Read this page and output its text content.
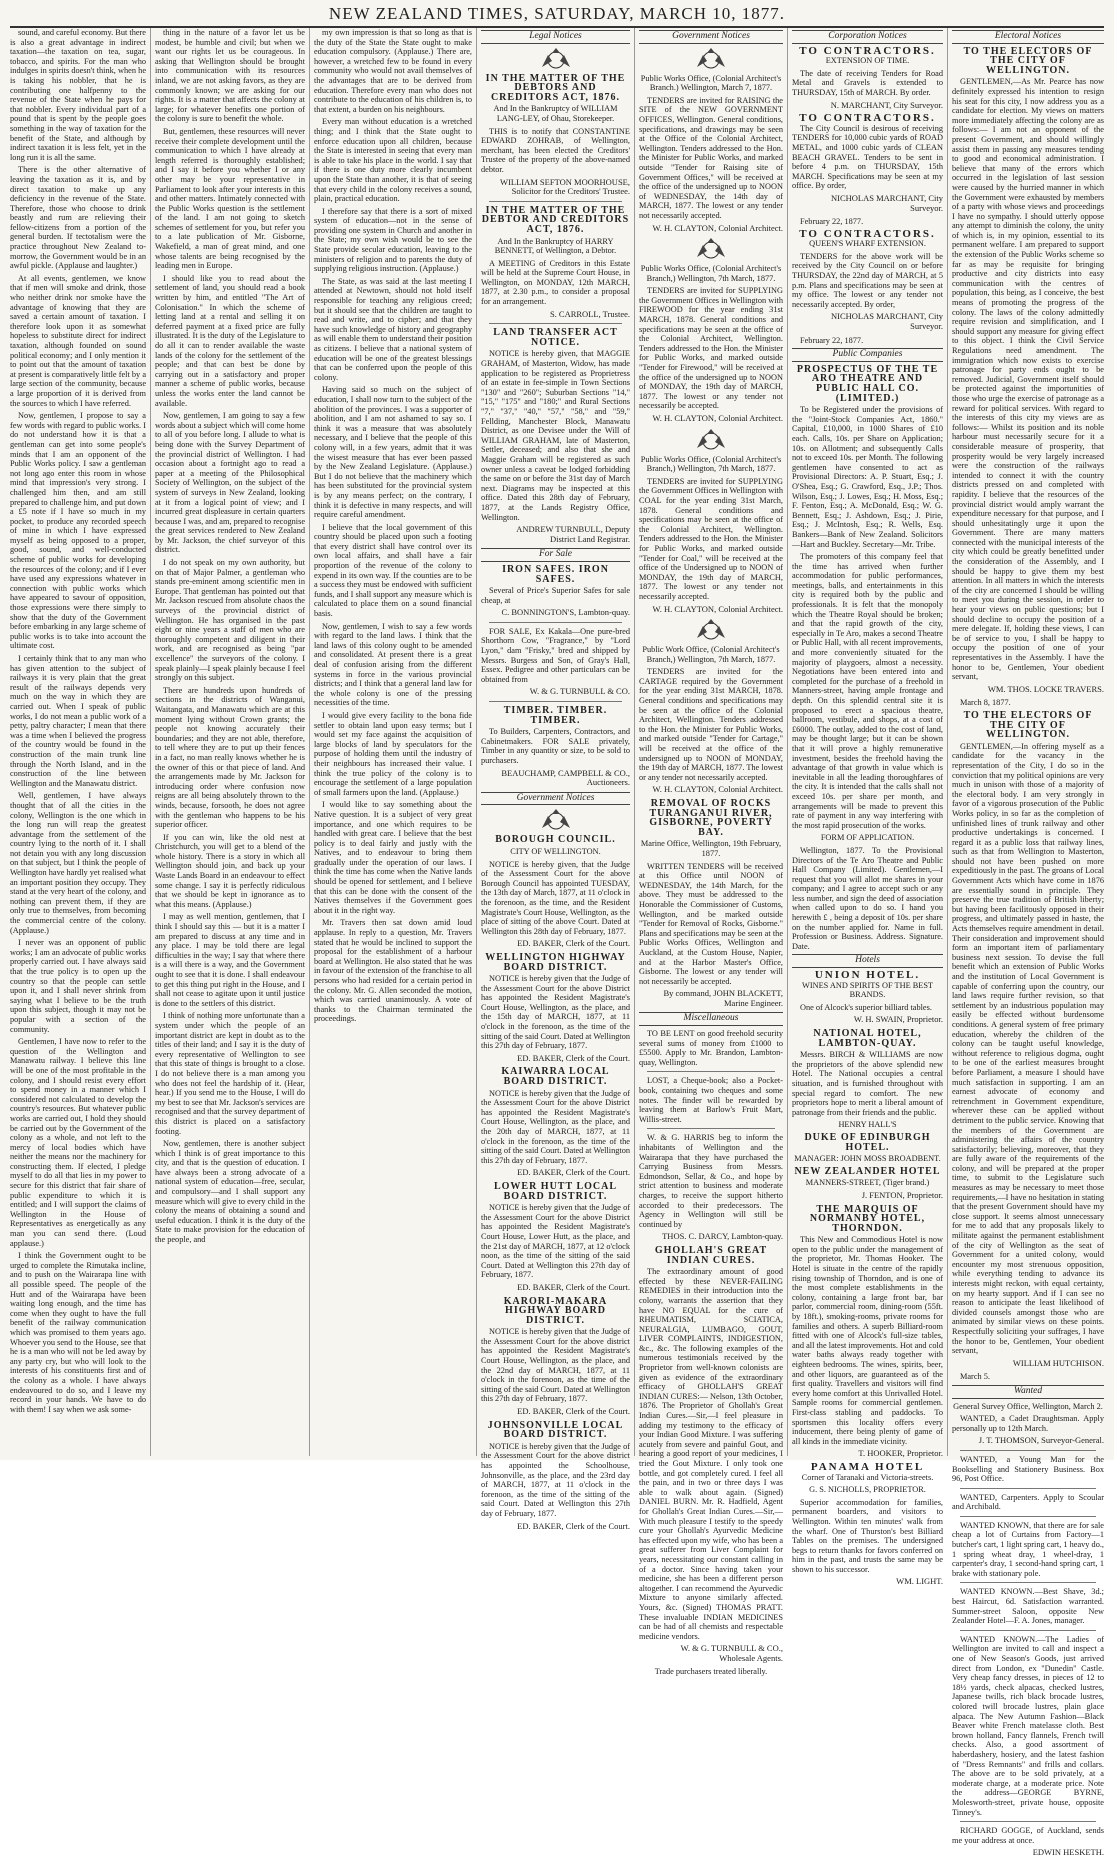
NEW ZEALAND TIMES, SATURDAY, MARCH 10, 1877.

sound, and careful economy. But there is also a great advantage in indirect taxation—the taxation on tea, sugar, tobacco, and spirits. For the man who indulges in spirits doesn't think, when he is taking his nobbler, that he is contributing one halfpenny to the revenue of the State when he pays for that nobbler. Every individual part of a pound that is spent by the people goes something in the way of taxation for the benefit of the State, and although by indirect taxation it is less felt, yet in the long run it is all the same.

There is the other alternative of leaving the taxation as it is, and by direct taxation to make up any deficiency in the revenue of the State. Therefore, those who choose to drink beastly and rum are relieving their fellow-citizens from a portion of the general burden. If tectotalism were the practice throughout New Zealand to-morrow, the Government would be in an awful pickle. (Applause and laughter.)

At all events, gentlemen, we know that if men will smoke and drink, those who neither drink nor smoke have the advantage of knowing that they are saved a certain amount of taxation. I therefore look upon it as somewhat hopeless to substitute direct for indirect taxation, although founded on sound political economy; and I only mention it to point out that the amount of taxation at present is comparatively little felt by a large section of the community, because a large proportion of it is derived from the sources to which I have referred.

Now, gentlemen, I propose to say a few words with regard to public works. I do not understand how it is that a gentleman can get into some people's minds that I am an opponent of the Public Works policy. I saw a gentleman not long ago enter this room in whose mind that impression's very strong. I challenged him then, and am still prepared to challenge him, and put down a £5 note if I have so much in my pocket, to produce any recorded speech of mine in which I have expressed myself as being opposed to a proper, good, sound, and well-conducted scheme of public works for developing the resources of the colony; and if I ever have used any expressions whatever in connection with public works which have appeared to savour of opposition, those expressions were there simply to show that the duty of the Government before embarking in any large scheme of public works is to take into account the ultimate cost.

I certainly think that to any man who has given attention to the subject of railways it is very plain that the great result of the railways depends very much on the way in which they are carried out. When I speak of public works, I do not mean a public work of a petty, paltry character; I mean that there was a time when I believed the progress of the country would be found in the construction of the main trunk line through the North Island, and in the construction of the line between Wellington and the Manawatu district.

Well, gentlemen, I have always thought that of all the cities in the colony, Wellington is the one which in the long run will reap the greatest advantage from the settlement of the country lying to the north of it. I shall not detain you with any long discussion on that subject, but I think the people of Wellington have hardly yet realised what an important position they occupy. They stand at the very heart of the colony, and nothing can prevent them, if they are only true to themselves, from becoming the commercial centre of the colony. (Applause.)

I never was an opponent of public works; I am an advocate of public works properly carried out. I have always said that the true policy is to open up the country so that the people can settle upon it, and I shall never shrink from saying what I believe to be the truth upon this subject, though it may not be popular with a section of the community.

Gentlemen, I have now to refer to the question of the Wellington and Manawatu railway. I believe this line will be one of the most profitable in the colony, and I should resist every effort to spend money in a manner which I considered not calculated to develop the country's resources. But whatever public works are carried out, I hold they should be carried out by the Government of the colony as a whole, and not left to the mercy of local bodies which have neither the means nor the machinery for constructing them. If elected, I pledge myself to do all that lies in my power to secure for this district that fair share of public expenditure to which it is entitled; and I will support the claims of Wellington in the House of Representatives as energetically as any man you can send there. (Loud applause.)

I think the Government ought to be urged to complete the Rimutaka incline, and to push on the Wairarapa line with all possible speed. The people of the Hutt and of the Wairarapa have been waiting long enough, and the time has come when they ought to have the full benefit of the railway communication which was promised to them years ago. Whoever you send to the House, see that he is a man who will not be led away by any party cry, but who will look to the interests of his constituents first and of the colony as a whole. I have always endeavoured to do so, and I leave my record in your hands. We have to do with them! I say when we ask some-

thing in the nature of a favor let us be modest, be humble and civil; but when we want our rights let us be courageous. In asking that Wellington should be brought into communication with its resources inland, we are not asking favors, as they are commonly known; we are asking for our rights. It is a matter that affects the colony at large; for whatever benefits one portion of the colony is sure to benefit the whole.

But, gentlemen, these resources will never receive their complete development until the communication to which I have already at length referred is thoroughly established; and I say it before you whether I or any other may be your representative in Parliament to look after your interests in this and other matters. Intimately connected with the Public Works question is the settlement of the land. I am not going to sketch schemes of settlement for you, but refer you to a late publication of Mr. Gisborne, Wakefield, a man of great mind, and one whose talents are being recognised by the leading men in Europe.

I should like you to read about the settlement of land, you should read a book written by him, and entitled "The Art of Colonisation." In which the scheme of letting land at a rental and selling it on deferred payment at a fixed price are fully illustrated. It is the duty of the Legislature to do all it can to render available the waste lands of the colony for the settlement of the people; and that can best be done by carrying out in a satisfactory and proper manner a scheme of public works, because unless the works enter the land cannot be available.

Now, gentlemen, I am going to say a few words about a subject which will come home to all of you before long. I allude to what is being done with the Survey Department of the provincial district of Wellington. I had occasion about a fortnight ago to read a paper at a meeting of the Philosophical Society of Wellington, on the subject of the system of surveys in New Zealand, looking at it from a logical point of view; and I incurred great displeasure in certain quarters because I was, and am, prepared to recognise the great services rendered to New Zealand by Mr. Jackson, the chief surveyor of this district.

I do not speak on my own authority, but on that of Major Palmer, a gentleman who stands pre-eminent among scientific men in Europe. That gentleman has pointed out that Mr. Jackson rescued from absolute chaos the surveys of the provincial district of Wellington. He has organised in the past eight or nine years a staff of men who are thoroughly competent and diligent in their work, and are recognised as being "par excellence" the surveyors of the colony. I speak plainly—I speak plainly because I feel strongly on this subject.

There are hundreds upon hundreds of sections in the districts of Wanganui, Waitangata, and Manawatu which are at this moment lying without Crown grants; the people not knowing accurately their boundaries; and they are not able, therefore, to tell where they are to put up their fences in a fact, no man really knows whether he is the owner of this or that piece of land. And the arrangements made by Mr. Jackson for introducing order where confusion now reigns are all being absolutely thrown to the winds, because, forsooth, he does not agree with the gentleman who happens to be his superior officer.

If you can win, like the old nest at Christchurch, you will get to a blend of the whole history. There is a story in which all Wellington should join, and back up your Waste Lands Board in an endeavour to effect some change. I say it is perfectly ridiculous that we should be kept in ignorance as to what this means. (Applause.)

I may as well mention, gentlemen, that I think I should say this — but it is a matter I am prepared to discuss at any time and in any place. I may be told there are legal difficulties in the way; I say that where there is a will there is a way, and the Government ought to see that it is done. I shall endeavour to get this thing put right in the House, and I shall not cease to agitate upon it until justice is done to the settlers of this district.

I think of nothing more unfortunate than a system under which the people of an important district are kept in doubt as to the titles of their land; and I say it is the duty of every representative of Wellington to see that this state of things is brought to a close. I do not believe there is a man among you who does not feel the hardship of it. (Hear, hear.) If you send me to the House, I will do my best to see that Mr. Jackson's services are recognised and that the survey department of this district is placed on a satisfactory footing.

Now, gentlemen, there is another subject which I think is of great importance to this city, and that is the question of education. I have always been a strong advocate of a national system of education—free, secular, and compulsory—and I shall support any measure which will give to every child in the colony the means of obtaining a sound and useful education. I think it is the duty of the State to make provision for the education of the people, and

my own impression is that so long as that is the duty of the State the State ought to make education compulsory. (Applause.) There are, however, a wretched few to be found in every community who would not avail themselves of the advantages that are to be derived from education. Therefore every man who does not contribute to the education of his children is, to that extent, a burden on his neighbours.

Every man without education is a wretched thing; and I think that the State ought to enforce education upon all children, because the State is interested in seeing that every man is able to take his place in the world. I say that if there is one duty more clearly incumbent upon the State than another, it is that of seeing that every child in the colony receives a sound, plain, practical education.

I therefore say that there is a sort of mixed system of education—not in the sense of providing one system in Church and another in the State; my own wish would be to see the State provide secular education, leaving to the ministers of religion and to parents the duty of supplying religious instruction. (Applause.)

The State, as was said at the last meeting I attended at Newtown, should not hold itself responsible for teaching any religious creed; but it should see that the children are taught to read and write, and to cipher; and that they have such knowledge of history and geography as will enable them to understand their position as citizens. I believe that a national system of education will be one of the greatest blessings that can be conferred upon the people of this colony.

Having said so much on the subject of education, I shall now turn to the subject of the abolition of the provinces. I was a supporter of abolition, and I am not ashamed to say so. I think it was a measure that was absolutely necessary, and I believe that the people of this colony will, in a few years, admit that it was the wisest measure that has ever been passed by the New Zealand Legislature. (Applause.) But I do not believe that the machinery which has been substituted for the provincial system is by any means perfect; on the contrary, I think it is defective in many respects, and will require careful amendment.

I believe that the local government of this country should be placed upon such a footing that every district shall have control over its own local affairs, and shall have a fair proportion of the revenue of the colony to expend in its own way. If the counties are to be a success they must be endowed with sufficient funds, and I shall support any measure which is calculated to place them on a sound financial basis.

Now, gentlemen, I wish to say a few words with regard to the land laws. I think that the land laws of this colony ought to be amended and consolidated. At present there is a great deal of confusion arising from the different systems in force in the various provincial districts; and I think that a general land law for the whole colony is one of the pressing necessities of the time.

I would give every facility to the bona fide settler to obtain land upon easy terms; but I would set my face against the acquisition of large blocks of land by speculators for the purpose of holding them until the industry of their neighbours has increased their value. I think the true policy of the colony is to encourage the settlement of a large population of small farmers upon the land. (Applause.)

I would like to say something about the Native question. It is a subject of very great importance, and one which requires to be handled with great care. I believe that the best policy is to deal fairly and justly with the Natives, and to endeavour to bring them gradually under the operation of our laws. I think the time has come when the Native lands should be opened for settlement, and I believe that this can be done with the consent of the Natives themselves if the Government goes about it in the right way.

Mr. Travers then sat down amid loud applause. In reply to a question, Mr. Travers stated that he would be inclined to support the proposal for the establishment of a harbour board at Wellington. He also stated that he was in favour of the extension of the franchise to all persons who had resided for a certain period in the colony. Mr. G. Allen seconded the motion, which was carried unanimously. A vote of thanks to the Chairman terminated the proceedings.

Legal Notices
IN THE MATTER OF THE DEBTORS AND CREDITORS ACT, 1876.

And In the Bankruptcy of WILLIAM LANG-LEY, of Ohau, Storekeeper.

THIS is to notify that CONSTANTINE EDWARD ZOHRAB, of Wellington, merchant, has been elected the Creditors' Trustee of the property of the above-named debtor.

WILLIAM SEFTON MOORHOUSE, Solicitor for the Creditors' Trustee.

IN THE MATTER OF THE DEBTOR AND CREDITORS ACT, 1876.

And In the Bankruptcy of HARRY BENNETT, of Wellington, a Debtor.

A MEETING of Creditors in this Estate will be held at the Supreme Court House, in Wellington, on MONDAY, 12th MARCH, 1877, at 2.30 p.m., to consider a proposal for an arrangement.

S. CARROLL, Trustee.

LAND TRANSFER ACT NOTICE.

NOTICE is hereby given, that MAGGIE GRAHAM, of Masterton, Widow, has made application to be registered as Proprietress of an estate in fee-simple in Town Sections "130" and "260"; Suburban Sections "14," "15," "175" and "180;" and Rural Sections "7," "37," "40," "57," "58," and "59," Fellding, Manchester Block, Manawatu District, as one Devisee under the Will of WILLIAM GRAHAM, late of Masterton, Settler, deceased; and also that she and Maggie Graham will be registered as such owner unless a caveat be lodged forbidding the same on or before the 31st day of March next. Diagrams may be inspected at this office. Dated this 28th day of February, 1877, at the Lands Registry Office, Wellington.

ANDREW TURNBULL, Deputy District Land Registrar.

For Sale
IRON SAFES. IRON SAFES.

Several of Price's Superior Safes for sale cheap, at

C. BONNINGTON'S, Lambton-quay.

FOR SALE, Ex Kakala—One pure-bred Shorthorn Cow, "Fragrance," by "Lord Lyon," dam "Frisky," bred and shipped by Messrs. Burgess and Son, of Gray's Hall, Essex. Pedigree and other particulars can be obtained from

W. & G. TURNBULL & CO.

TIMBER. TIMBER. TIMBER.

To Builders, Carpenters, Contractors, and Cabinetmakers. FOR SALE privately, Timber in any quantity or size, to be sold to purchasers.

BEAUCHAMP, CAMPBELL & CO., Auctioneers.

Government Notices
BOROUGH COUNCIL.

CITY OF WELLINGTON.

NOTICE is hereby given, that the Judge of the Assessment Court for the above Borough Council has appointed TUESDAY, the 13th day of March, 1877, at 11 o'clock in the forenoon, as the time, and the Resident Magistrate's Court House, Wellington, as the place of sitting of the above Court. Dated at Wellington this 28th day of February, 1877.

ED. BAKER, Clerk of the Court.

WELLINGTON HIGHWAY BOARD DISTRICT.

NOTICE is hereby given that the Judge of the Assessment Court for the above District has appointed the Resident Magistrate's Court House, Wellington, as the place, and the 15th day of MARCH, 1877, at 11 o'clock in the forenoon, as the time of the sitting of the said Court. Dated at Wellington this 27th day of February, 1877.

ED. BAKER, Clerk of the Court.

KAIWARRA LOCAL BOARD DISTRICT.

NOTICE is hereby given that the Judge of the Assessment Court for the above District has appointed the Resident Magistrate's Court House, Wellington, as the place, and the 20th day of MARCH, 1877, at 11 o'clock in the forenoon, as the time of the sitting of the said Court. Dated at Wellington this 27th day of February, 1877.

ED. BAKER, Clerk of the Court.

LOWER HUTT LOCAL BOARD DISTRICT.

NOTICE is hereby given that the Judge of the Assessment Court for the above District has appointed the Resident Magistrate's Court House, Lower Hutt, as the place, and the 21st day of MARCH, 1877, at 12 o'clock noon, as the time of the sitting of the said Court. Dated at Wellington this 27th day of February, 1877.

ED. BAKER, Clerk of the Court.

KARORI-MAKARA HIGHWAY BOARD DISTRICT.

NOTICE is hereby given that the Judge of the Assessment Court for the above district has appointed the Resident Magistrate's Court House, Wellington, as the place, and the 22nd day of MARCH, 1877, at 11 o'clock in the forenoon, as the time of the sitting of the said Court. Dated at Wellington this 27th day of February, 1877.

ED. BAKER, Clerk of the Court.

JOHNSONVILLE LOCAL BOARD DISTRICT.

NOTICE is hereby given that the Judge of the Assessment Court for the above district has appointed the Schoolhouse, Johnsonville, as the place, and the 23rd day of MARCH, 1877, at 11 o'clock in the forenoon, as the time of the sitting of the said Court. Dated at Wellington this 27th day of February, 1877.

ED. BAKER, Clerk of the Court.

Government Notices

Public Works Office, (Colonial Architect's Branch.) Wellington, March 7, 1877.

TENDERS are invited for RAISING the SITE of the NEW GOVERNMENT OFFICES, Wellington. General conditions, specifications, and drawings may be seen at the Office of the Colonial Architect, Wellington. Tenders addressed to the Hon. the Minister for Public Works, and marked outside "Tender for Raising site of Government Offices," will be received at the office of the undersigned up to NOON of WEDNESDAY, the 14th day of MARCH, 1877. The lowest or any tender not necessarily accepted.

W. H. CLAYTON, Colonial Architect.

Public Works Office, (Colonial Architect's Branch,) Wellington, 7th March, 1877.

TENDERS are invited for SUPPLYING the Government Offices in Wellington with FIREWOOD for the year ending 31st MARCH, 1878. General conditions and specifications may be seen at the office of the Colonial Architect, Wellington. Tenders addressed to the Hon. the Minister for Public Works, and marked outside "Tender for Firewood," will be received at the office of the undersigned up to NOON of MONDAY, the 19th day of MARCH, 1877. The lowest or any tender not necessarily be accepted.

W. H. CLAYTON, Colonial Architect.

Public Works Office, (Colonial Architect's Branch,) Wellington, 7th March, 1877.

TENDERS are invited for SUPPLYING the Government Offices in Wellington with COAL for the year ending 31st March, 1878. General conditions and specifications may be seen at the office of the Colonial Architect, Wellington. Tenders addressed to the Hon. the Minister for Public Works, and marked outside "Tender for Coal," will be received at the office of the Undersigned up to NOON of MONDAY, the 19th day of MARCH, 1877. The lowest or any tender not necessarily accepted.

W. H. CLAYTON, Colonial Architect.

Public Work Office, (Colonial Architect's Branch,) Wellington, 7th March, 1877.

TENDERS are invited for the CARTAGE required by the Government for the year ending 31st MARCH, 1878. General conditions and specifications may be seen at the office of the Colonial Architect, Wellington. Tenders addressed to the Hon. the Minister for Public Works, and marked outside "Tender for Cartage," will be received at the office of the undersigned up to NOON of MONDAY, the 19th day of MARCH, 1877. The lowest or any tender not necessarily accepted.

W. H. CLAYTON, Colonial Architect.

REMOVAL OF ROCKS TURANGANUI RIVER, GISBORNE, POVERTY BAY.

Marine Office, Wellington, 19th February, 1877.

WRITTEN TENDERS will be received at this Office until NOON of WEDNESDAY, the 14th March, for the above. They must be addressed to the Honorable the Commissioner of Customs, Wellington, and be marked outside "Tender for Removal of Rocks, Gisborne." Plans and specifications may be seen at the Public Works Offices, Wellington and Auckland, at the Custom House, Napier, and at the Harbor Master's Office, Gisborne. The lowest or any tender will not necessarily be accepted.

By command, JOHN BLACKETT, Marine Engineer.

Miscellaneous

TO BE LENT on good freehold security several sums of money from £1000 to £5500. Apply to Mr. Brandon, Lambton-quay, Wellington.

LOST, a Cheque-book; also a Pocket-book, containing two cheques and some notes. The finder will be rewarded by leaving them at Barlow's Fruit Mart, Willis-street.

W. & G. HARRIS beg to inform the inhabitants of Wellington and the Wairarapa that they have purchased the Carrying Business from Messrs. Edmondson, Sellar, & Co., and hope by strict attention to business and moderate charges, to receive the support hitherto accorded to their predecessors. The Agency in Wellington will still be continued by

THOS. C. DARCY, Lambton-quay.

GHOLLAH'S GREAT INDIAN CURES.

The extraordinary amount of good effected by these NEVER-FAILING REMEDIES in their introduction into the colony, warrants the assertion that they have NO EQUAL for the cure of RHEUMATISM, SCIATICA, NEURALGIA, LUMBAGO, GOUT, LIVER COMPLAINTS, INDIGESTION, &c., &c. The following examples of the numerous testimonials received by the Proprietor from well-known colonists are given as evidence of the extraordinary efficacy of GHOLLAH'S GREAT INDIAN CURES:— Nelson, 13th October, 1876. The Proprietor of Ghollah's Great Indian Cures.—Sir,—I feel pleasure in adding my testimony to the efficacy of your Indian Good Mixture. I was suffering acutely from severe and painful Gout, and hearing a good report of your medicines, I tried the Gout Mixture. I only took one bottle, and got completely cured. I feel all the pain, and in two or three days I was able to walk about again. (Signed) DANIEL BURN. Mr. R. Hadfield, Agent for Ghollah's Great Indian Cures.—Sir,—With much pleasure I testify to the speedy cure your Ghollah's Ayurvedic Medicine has effected upon my wife, who has been a great sufferer from Liver Complaint for years, necessitating our constant calling in of a doctor. Since having taken your medicine, she has been a different person altogether. I can recommend the Ayurvedic Mixture to anyone similarly affected. Yours, &c. (Signed) THOMAS PRATT. These invaluable INDIAN MEDICINES can be had of all chemists and respectable medicine vendors.

W. & G. TURNBULL & CO., Wholesale Agents.

Trade purchasers treated liberally.

Corporation Notices
TO CONTRACTORS.

EXTENSION OF TIME.

The date of receiving Tenders for Road Metal and Gravels is extended to THURSDAY, 15th of MARCH. By order.

N. MARCHANT, City Surveyor.

TO CONTRACTORS.

The City Council is desirous of receiving TENDERS for 10,000 cubic yards of ROAD METAL, and 1000 cubic yards of CLEAN BEACH GRAVEL. Tenders to be sent in before 4 p.m. on THURSDAY, 15th MARCH. Specifications may be seen at my office. By order,

NICHOLAS MARCHANT, City Surveyor.

February 22, 1877.

TO CONTRACTORS.

QUEEN'S WHARF EXTENSION.

TENDERS for the above work will be received by the City Council on or before THURSDAY, the 22nd day of MARCH, at 5 p.m. Plans and specifications may be seen at my office. The lowest or any tender not necessarily accepted. By order,

NICHOLAS MARCHANT, City Surveyor.

February 22, 1877.

Public Companies
PROSPECTUS OF THE TE ARO THEATRE AND PUBLIC HALL CO. (LIMITED.)

To be Registered under the provisions of the "Joint-Stock Companies Act, 1860." Capital, £10,000, in 1000 Shares of £10 each. Calls, 10s. per Share on Application; 10s. on Allotment; and subsequently Calls not to exceed 10s. per Month. The following gentlemen have consented to act as Provisional Directors: A. P. Stuart, Esq.; J. O'Shea, Esq.; G. Crawford, Esq., J.P.; Thos. Wilson, Esq.; J. Lowes, Esq.; H. Moss, Esq.; F. Fenton, Esq.; A. McDonald, Esq.; W. G. Bennett, Esq.; J. Ashdown, Esq.; J. Pirie, Esq.; J. McIntosh, Esq.; R. Wells, Esq. Bankers—Bank of New Zealand. Solicitors—Hart and Buckley. Secretary—Mr. Tribe.

The promoters of this company feel that the time has arrived when further accommodation for public performances, meetings, balls, and entertainments in this city is required both by the public and professionals. It is felt that the monopoly which the Theatre Royal should be broken; and that the rapid growth of the city, especially in Te Aro, makes a second Theatre or Public Hall, with all recent improvements, and more conveniently situated for the majority of playgoers, almost a necessity. Negotiations have been entered into and completed for the purchase of a freehold in Manners-street, having ample frontage and depth. On this splendid central site it is proposed to erect a spacious theatre, ballroom, vestibule, and shops, at a cost of £6000. The outlay, added to the cost of land, may be thought large; but it can be shown that it will prove a highly remunerative investment, besides the freehold having the advantage of that growth in value which is inevitable in all the leading thoroughfares of the city. It is intended that the calls shall not exceed 10s. per share per month, and arrangements will be made to prevent this rate of payment in any way interfering with the most rapid prosecution of the works.

FORM OF APPLICATION.

Wellington, 1877. To the Provisional Directors of the Te Aro Theatre and Public Hall Company (Limited). Gentlemen,—I request that you will allot me shares in your company; and I agree to accept such or any less number, and sign the deed of association when called upon to do so. I hand you herewith £ , being a deposit of 10s. per share on the number applied for. Name in full. Profession or Business. Address. Signature. Date.

Hotels
UNION HOTEL.

WINES AND SPIRITS OF THE BEST BRANDS.

One of Alcock's superior billiard tables.

W. H. SWAIN, Proprietor.

NATIONAL HOTEL, LAMBTON-QUAY.

Messrs. BIRCH & WILLIAMS are now the proprietors of the above splendid new Hotel. The National occupies a central situation, and is furnished throughout with special regard to comfort. The new proprietors hope to merit a liberal amount of patronage from their friends and the public.

HENRY HALL'S

DUKE OF EDINBURGH HOTEL.

MANAGER: JOHN MOSS BROADBENT.

NEW ZEALANDER HOTEL

MANNERS-STREET, (Tiger brand.)

J. FENTON, Proprietor.

THE MARQUIS OF NORMANBY HOTEL, THORNDON.

This New and Commodious Hotel is now open to the public under the management of the proprietor, Mr. Thomas Hooker. The Hotel is situate in the centre of the rapidly rising township of Thorndon, and is one of the most complete establishments in the colony, containing a large front bar, bar parlor, commercial room, dining-room (55ft. by 18ft.), smoking-rooms, private rooms for families and others. A superb Billiard-room fitted with one of Alcock's full-size tables, and all the latest improvements. Hot and cold water baths always ready together with eighteen bedrooms. The wines, spirits, beer, and other liquors, are guaranteed as of the first quality. Travellers and visitors will find every home comfort at this Unrivalled Hotel. Sample rooms for commercial gentlemen. First-class stabling and paddocks. To sportsmen this locality offers every inducement, there being plenty of game of all kinds in the immediate vicinity.

T. HOOKER, Proprietor.

PANAMA HOTEL

Corner of Taranaki and Victoria-streets.

G. S. NICHOLLS, PROPRIETOR.

Superior accommodation for families, permanent boarders, and visitors to Wellington. Within ten minutes' walk from the wharf. One of Thurston's best Billiard Tables on the premises. The undersigned begs to return thanks for favors conferred on him in the past, and trusts the same may be shown to his successor.

WM. LIGHT.

Electoral Notices
TO THE ELECTORS OF THE CITY OF WELLINGTON.

GENTLEMEN,—As Mr. Pearce has now definitely expressed his intention to resign his seat for this city, I now address you as a candidate for election. My views on matters more immediately affecting the colony are as follows:— I am not an opponent of the present Government, and should willingly assist them in passing any measures tending to good and economical administration. I believe that many of the errors which occurred in the legislation of last session were caused by the hurried manner in which the Government were exhausted by members of a party with whose views and proceedings I have no sympathy. I should utterly oppose any attempt to diminish the colony, the unity of which is, in my opinion, essential to its permanent welfare. I am prepared to support the extension of the Public Works scheme so far as may be requisite for bringing productive and city districts into easy communication with the centres of population, this being, as I conceive, the best means of promoting the progress of the colony. The laws of the colony admittedly require revision and simplification, and I should support any measure for giving effect to this object. I think the Civil Service Regulations need amendment. The immigration which now exists to exercise patronage for party ends ought to be removed. Judicial, Government itself should be protected against the importunities of those who urge the exercise of patronage as a reward for political services. With regard to the interests of this city my views are as follows:— Whilst its position and its noble harbour must necessarily secure for it a considerable measure of prosperity, that prosperity would be very largely increased were the construction of the railways intended to connect it with the country districts pressed on and completed with rapidity. I believe that the resources of the provincial district would amply warrant the expenditure necessary for that purpose, and I should unhesitatingly urge it upon the Government. There are many matters connected with the municipal interests of the city which could be greatly benefitted under the consideration of the Assembly, and I should be happy to give them my best attention. In all matters in which the interests of the city are concerned I should be willing to meet you during the session, in order to hear your views on public questions; but I should decline to occupy the position of a mere delegate. If, holding these views, I can be of service to you, I shall be happy to occupy the position of one of your representatives in the Assembly. I have the honor to be, Gentlemen, Your obedient servant,

WM. THOS. LOCKE TRAVERS.

March 8, 1877.

TO THE ELECTORS OF THE CITY OF WELLINGTON.

GENTLEMEN,—In offering myself as a candidate for the vacancy in the representation of the City, I do so in the conviction that my political opinions are very much in unison with those of a majority of the electoral body. I am very strongly in favor of a vigorous prosecution of the Public Works policy, in so far as the completion of unfinished lines of trunk railway and other productive undertakings is concerned. I regard it as a public loss that railway lines, such as that from Wellington to Masterton, should not have been pushed on more expeditiously in the past. The groans of Local Government Acts which have come in 1876 are essentially sound in principle. They preserve the true tradition of British liberty; but having been facilitously opposed in their progress, and ultimately passed in haste, the Acts themselves require amendment in detail. Their consideration and improvement should form an important item of parliamentary business next session. To devise the full benefit which an extension of Public Works and the institution of Local Government is capable of conferring upon the country, our land laws require further revision, so that settlement by an industrious population may easily be effected without burdensome conditions. A general system of free primary education, whereby the children of the colony can be taught useful knowledge, without reference to religious dogma, ought to be one of the earliest measures brought before Parliament, a measure I should have much satisfaction in supporting. I am an earnest advocate of economy and retrenchment in Government expenditure, wherever these can be applied without detriment to the public service. Knowing that the members of the Government are administering the affairs of the country satisfactorily; believing, moreover, that they are fully aware of the requirements of the colony, and will be prepared at the proper time, to submit to the Legislature such measures as may be necessary to meet those requirements,—I have no hesitation in stating that the present Government should have my close support. It seems almost unnecessary for me to add that any proposals likely to militate against the permanent establishment of the city of Wellington as the seat of Government for a united colony, would encounter my most strenuous opposition, while everything tending to advance its interests might reckon, with equal certainty, on my hearty support. And if I can see no reason to anticipate the least likelihood of divided counsels amongst those who are animated by similar views on these points. Respectfully soliciting your suffrages, I have the honor to be, Gentlemen, Your obedient servant,

WILLIAM HUTCHISON.

March 5.

Wanted

General Survey Office, Wellington, March 2.

WANTED, a Cadet Draughtsman. Apply personally up to 12th March.

J. T. THOMSON, Surveyor-General.

WANTED, a Young Man for the Bookselling and Stationery Business. Box 96, Post Office.

WANTED, Carpenters. Apply to Scoular and Archibald.

WANTED KNOWN, that there are for sale cheap a lot of Curtains from Factory—1 butcher's cart, 1 light spring cart, 1 heavy do., 1 spring wheat dray, 1 wheel-dray, 1 carpenter's dray, 1 second-hand spring cart, 1 brake with stationary pole.

WANTED KNOWN.—Best Shave, 3d.; best Haircut, 6d. Satisfaction warranted. Summer-street Saloon, opposite New Zealander Hotel—F. A. Jones, manager.

WANTED KNOWN.—The Ladies of Wellington are invited to call and inspect a one of New Season's Goods, just arrived direct from London, ex "Dunedin" Castle. Very cheap fancy dresses, in pieces of 12 to 18½ yards, check alpacas, checked lustres, Japanese twills, rich black brocade lustres, colored twill brocade lustres, plain glace alpaca. The New Autumn Fashion—Black Beaver white French matelasse cloth. Best brown holland, Fancy flannels, French twill checks. Also, a good assortment of haberdashery, hosiery, and the latest fashion of "Dress Remnants" and frills and collars. The above are to be sold privately, at a moderate charge, at a moderate price. Note the address—GEORGE BYRNE, Molesworth-street, private house, opposite Tinney's.

RICHARD GOGGE, of Auckland, sends me your address at once.

EDWIN HESKETH.
